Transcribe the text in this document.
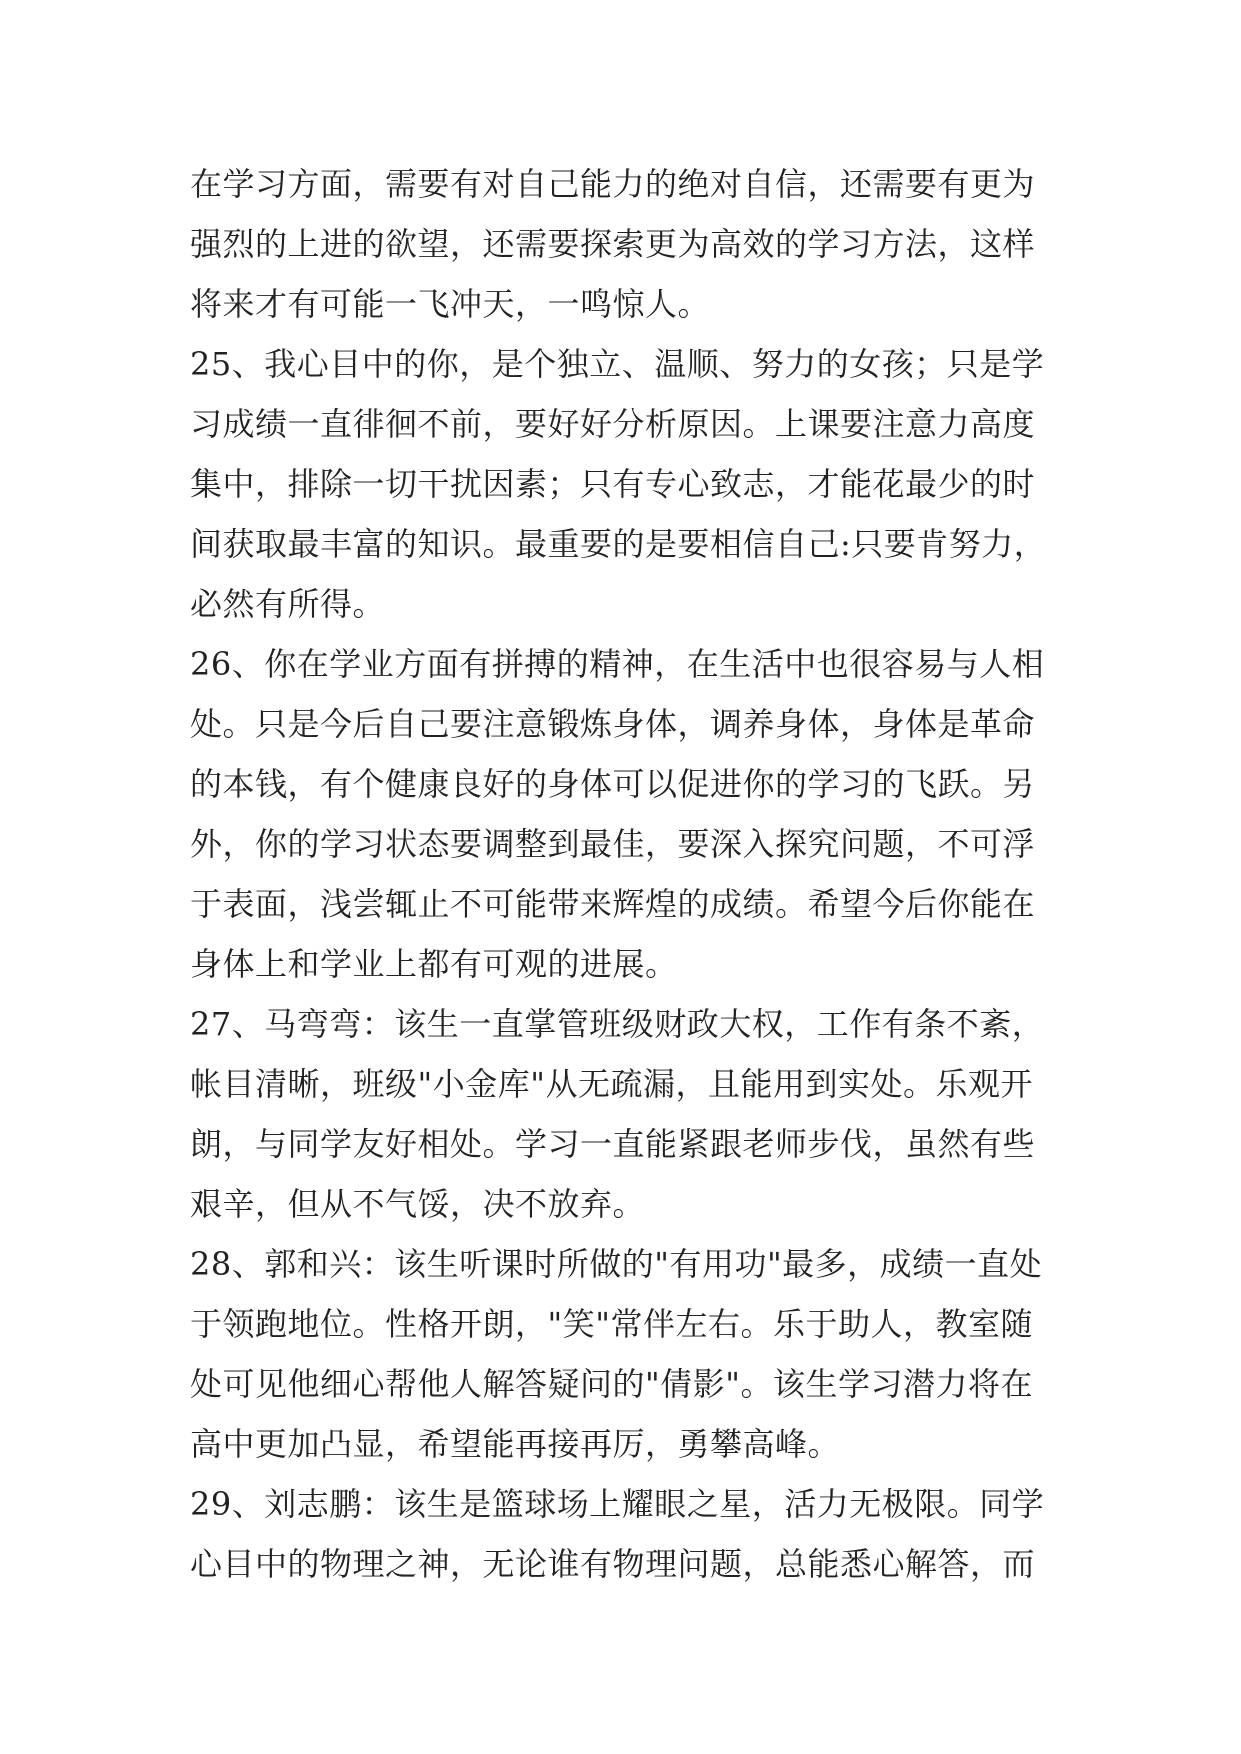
在学习方面，需要有对自己能力的绝对自信，还需要有更为
强烈的上进的欲望，还需要探索更为高效的学习方法，这样
将来才有可能一飞冲天，一鸣惊人。
25、我心目中的你，是个独立、温顺、努力的女孩；只是学
习成绩一直徘徊不前，要好好分析原因。上课要注意力高度
集中，排除一切干扰因素；只有专心致志，才能花最少的时
间获取最丰富的知识。最重要的是要相信自己:只要肯努力，
必然有所得。
26、你在学业方面有拼搏的精神，在生活中也很容易与人相
处。只是今后自己要注意锻炼身体，调养身体，身体是革命
的本钱，有个健康良好的身体可以促进你的学习的飞跃。另
外，你的学习状态要调整到最佳，要深入探究问题，不可浮
于表面，浅尝辄止不可能带来辉煌的成绩。希望今后你能在
身体上和学业上都有可观的进展。
27、马弯弯：该生一直掌管班级财政大权，工作有条不紊，
帐目清晰，班级"小金库"从无疏漏，且能用到实处。乐观开
朗，与同学友好相处。学习一直能紧跟老师步伐，虽然有些
艰辛，但从不气馁，决不放弃。
28、郭和兴：该生听课时所做的"有用功"最多，成绩一直处
于领跑地位。性格开朗，"笑"常伴左右。乐于助人，教室随
处可见他细心帮他人解答疑问的"倩影"。该生学习潜力将在
高中更加凸显，希望能再接再厉，勇攀高峰。
29、刘志鹏：该生是篮球场上耀眼之星，活力无极限。同学
心目中的物理之神，无论谁有物理问题，总能悉心解答，而
